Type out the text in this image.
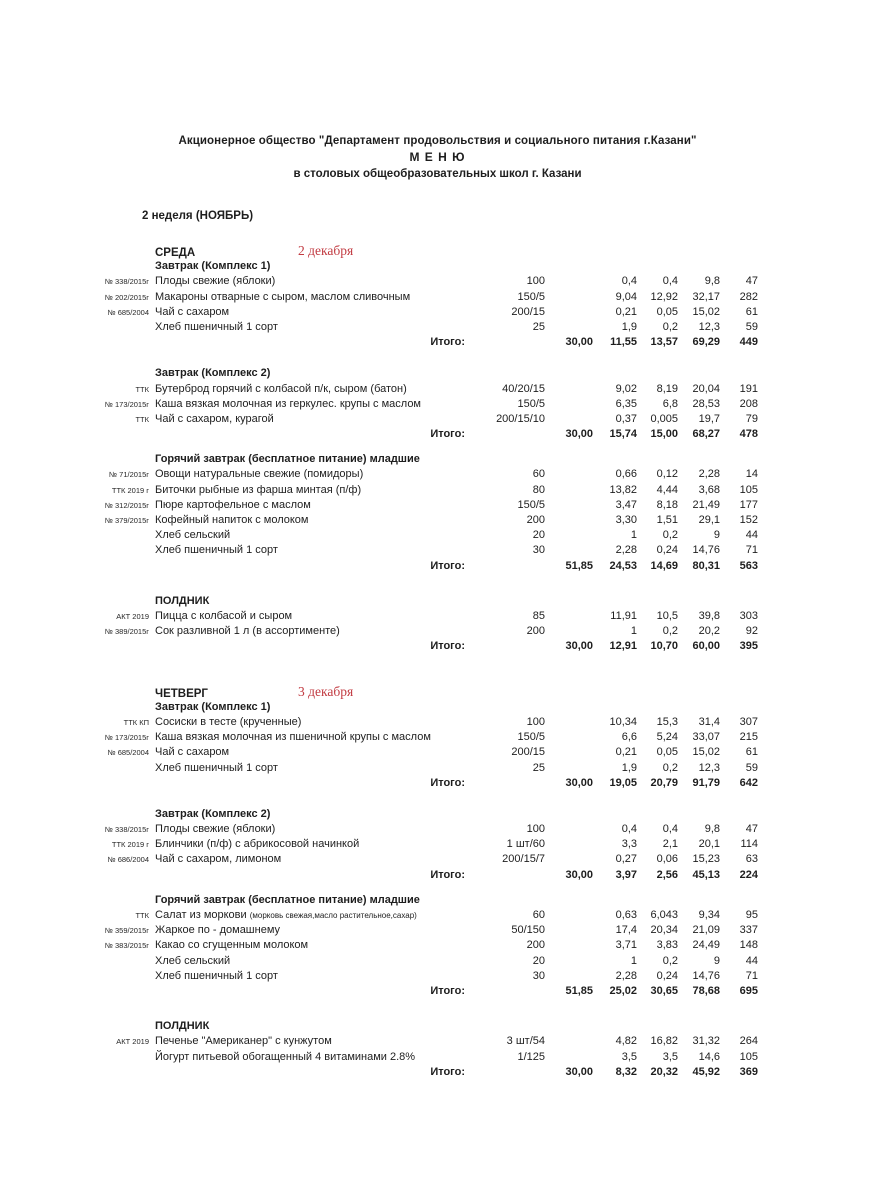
Акционерное общество "Департамент продовольствия и социального питания г.Казани"
М Е Н Ю
в столовых общеобразовательных школ г. Казани
2 неделя (НОЯБРЬ)
СРЕДА	2 декабря
Завтрак (Комплекс 1)
№ 338/2015г Плоды свежие (яблоки)	100	0,4	0,4	9,8	47
№ 202/2015г Макароны отварные с сыром, маслом сливочным	150/5	9,04	12,92	32,17	282
№ 685/2004 Чай с сахаром	200/15	0,21	0,05	15,02	61
Хлеб пшеничный 1 сорт	25	1,9	0,2	12,3	59
Итого:	30,00	11,55	13,57	69,29	449
Завтрак (Комплекс 2)
ТТК Бутерброд горячий с колбасой п/к, сыром (батон)	40/20/15	9,02	8,19	20,04	191
№ 173/2015г Каша вязкая молочная из геркулес. крупы с маслом	150/5	6,35	6,8	28,53	208
ТТК Чай с сахаром, курагой	200/15/10	0,37	0,005	19,7	79
Итого:	30,00	15,74	15,00	68,27	478
Горячий завтрак (бесплатное питание) младшие
№ 71/2015г Овощи натуральные свежие (помидоры)	60	0,66	0,12	2,28	14
ТТК 2019 г Биточки рыбные из фарша минтая (п/ф)	80	13,82	4,44	3,68	105
№ 312/2015г Пюре картофельное с маслом	150/5	3,47	8,18	21,49	177
№ 379/2015г Кофейный напиток с молоком	200	3,30	1,51	29,1	152
Хлеб сельский	20	1	0,2	9	44
Хлеб пшеничный 1 сорт	30	2,28	0,24	14,76	71
Итого:	51,85	24,53	14,69	80,31	563
ПОЛДНИК
АКТ 2019 Пицца с колбасой и сыром	85	11,91	10,5	39,8	303
№ 389/2015г Сок разливной 1 л (в ассортименте)	200	1	0,2	20,2	92
Итого:	30,00	12,91	10,70	60,00	395
ЧЕТВЕРГ	3 декабря
Завтрак (Комплекс 1)
ТТК КП Сосиски в тесте (крученные)	100	10,34	15,3	31,4	307
№ 173/2015г Каша вязкая молочная из пшеничной крупы с маслом	150/5	6,6	5,24	33,07	215
№ 685/2004 Чай с сахаром	200/15	0,21	0,05	15,02	61
Хлеб пшеничный 1 сорт	25	1,9	0,2	12,3	59
Итого:	30,00	19,05	20,79	91,79	642
Завтрак (Комплекс 2)
№ 338/2015г Плоды свежие (яблоки)	100	0,4	0,4	9,8	47
ТТК 2019 г Блинчики (п/ф) с абрикосовой начинкой	1 шт/60	3,3	2,1	20,1	114
№ 686/2004 Чай с сахаром, лимоном	200/15/7	0,27	0,06	15,23	63
Итого:	30,00	3,97	2,56	45,13	224
Горячий завтрак (бесплатное питание) младшие
ТТК Салат из моркови (морковь свежая,масло растительное,сахар)	60	0,63	6,043	9,34	95
№ 359/2015г Жаркое по - домашнему	50/150	17,4	20,34	21,09	337
№ 383/2015г Какао со сгущенным молоком	200	3,71	3,83	24,49	148
Хлеб сельский	20	1	0,2	9	44
Хлеб пшеничный 1 сорт	30	2,28	0,24	14,76	71
Итого:	51,85	25,02	30,65	78,68	695
ПОЛДНИК
АКТ 2019 Печенье "Американер" с кунжутом	3 шт/54	4,82	16,82	31,32	264
Йогурт питьевой обогащенный 4 витаминами 2.8%	1/125	3,5	3,5	14,6	105
Итого:	30,00	8,32	20,32	45,92	369
